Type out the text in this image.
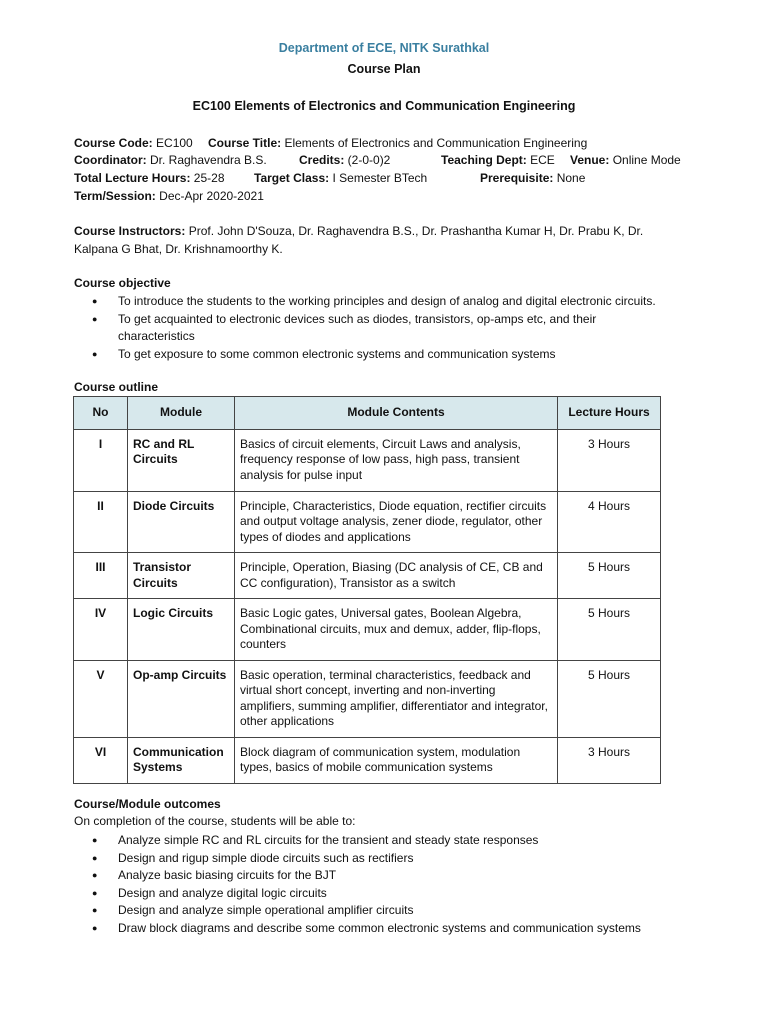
Department of ECE, NITK Surathkal
Course Plan
EC100 Elements of Electronics and Communication Engineering
Course Code: EC100 Course Title: Elements of Electronics and Communication Engineering
Coordinator: Dr. Raghavendra B.S.	Credits: (2-0-0)2	Teaching Dept: ECE Venue: Online Mode
Total Lecture Hours: 25-28 Target Class: I Semester BTech	Prerequisite: None
Term/Session: Dec-Apr 2020-2021
Course Instructors: Prof. John D'Souza, Dr. Raghavendra B.S., Dr. Prashantha Kumar H, Dr. Prabu K, Dr. Kalpana G Bhat, Dr. Krishnamoorthy K.
Course objective
● To introduce the students to the working principles and design of analog and digital electronic circuits.
● To get acquainted to electronic devices such as diodes, transistors, op-amps etc, and their characteristics
● To get exposure to some common electronic systems and communication systems
Course outline
No	Module	Module Contents	Lecture Hours
I	RC and RL Circuits	Basics of circuit elements, Circuit Laws and analysis, frequency response of low pass, high pass, transient analysis for pulse input	3 Hours
II	Diode Circuits	Principle, Characteristics, Diode equation, rectifier circuits and output voltage analysis, zener diode, regulator, other types of diodes and applications	4 Hours
III	Transistor Circuits	Principle, Operation, Biasing (DC analysis of CE, CB and CC configuration), Transistor as a switch	5 Hours
IV	Logic Circuits	Basic Logic gates, Universal gates, Boolean Algebra, Combinational circuits, mux and demux, adder, flip-flops, counters	5 Hours
V	Op-amp Circuits	Basic operation, terminal characteristics, feedback and virtual short concept, inverting and non-inverting amplifiers, summing amplifier, differentiator and integrator, other applications	5 Hours
VI	Communication Systems	Block diagram of communication system, modulation types, basics of mobile communication systems	3 Hours
Course/Module outcomes
On completion of the course, students will be able to:
● Analyze simple RC and RL circuits for the transient and steady state responses
● Design and rigup simple diode circuits such as rectifiers
● Analyze basic biasing circuits for the BJT
● Design and analyze digital logic circuits
● Design and analyze simple operational amplifier circuits
● Draw block diagrams and describe some common electronic systems and communication systems
